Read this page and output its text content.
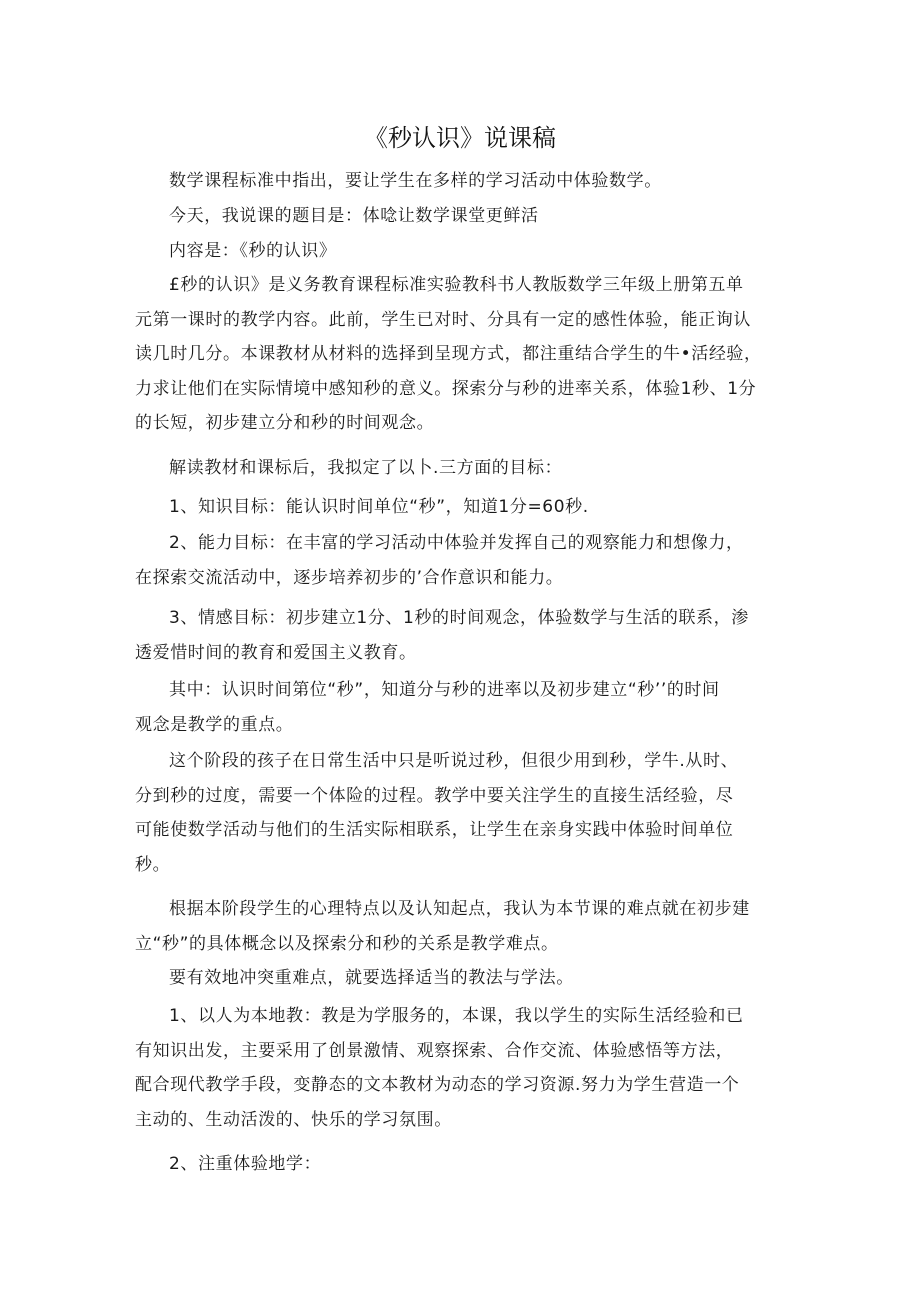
《秒认识》说课稿
数学课程标准中指出，要让学生在多样的学习活动中体验数学。
今天，我说课的题目是：体唸让数学课堂更鲜活
内容是：《秒的认识》
£秒的认识》是义务教育课程标准实验教科书人教版数学三年级上册第五单
元第一课时的教学内容。此前，学生已对时、分具有一定的感性体验，能正询认
读几时几分。本课教材从材料的选择到呈现方式，都注重结合学生的牛•活经验，
力求让他们在实际情境中感知秒的意义。探索分与秒的进率关系，体验1秒、1分
的长短，初步建立分和秒的时间观念。
解读教材和课标后，我拟定了以卜.三方面的目标：
1、知识目标：能认识时间单位“秒”，知道1分=60秒.
2、能力目标：在丰富的学习活动中体验并发挥自己的观察能力和想像力，
在探索交流活动中，逐步培养初步的’合作意识和能力。
3、情感目标：初步建立1分、1秒的时间观念，体验数学与生活的联系，渗
透爱惜时间的教育和爱国主义教育。
其中：认识时间第位“秒”，知道分与秒的进率以及初步建立“秒’’的时间
观念是教学的重点。
这个阶段的孩子在日常生活中只是听说过秒，但很少用到秒，学牛.从时、
分到秒的过度，需要一个体险的过程。教学中要关注学生的直接生活经验，尽
可能使数学活动与他们的生活实际相联系，让学生在亲身实践中体验时间单位
秒。
根据本阶段学生的心理特点以及认知起点，我认为本节课的难点就在初步建
立“秒”的具体概念以及探索分和秒的关系是教学难点。
要有效地冲突重难点，就要选择适当的教法与学法。
1、以人为本地教：教是为学服务的，本课，我以学生的实际生活经验和已
有知识出发，主要采用了创景激情、观察探索、合作交流、体验感悟等方法，
配合现代教学手段，变静态的文本教材为动态的学习资源.努力为学生营造一个
主动的、生动活泼的、快乐的学习氛围。
2、注重体验地学：
